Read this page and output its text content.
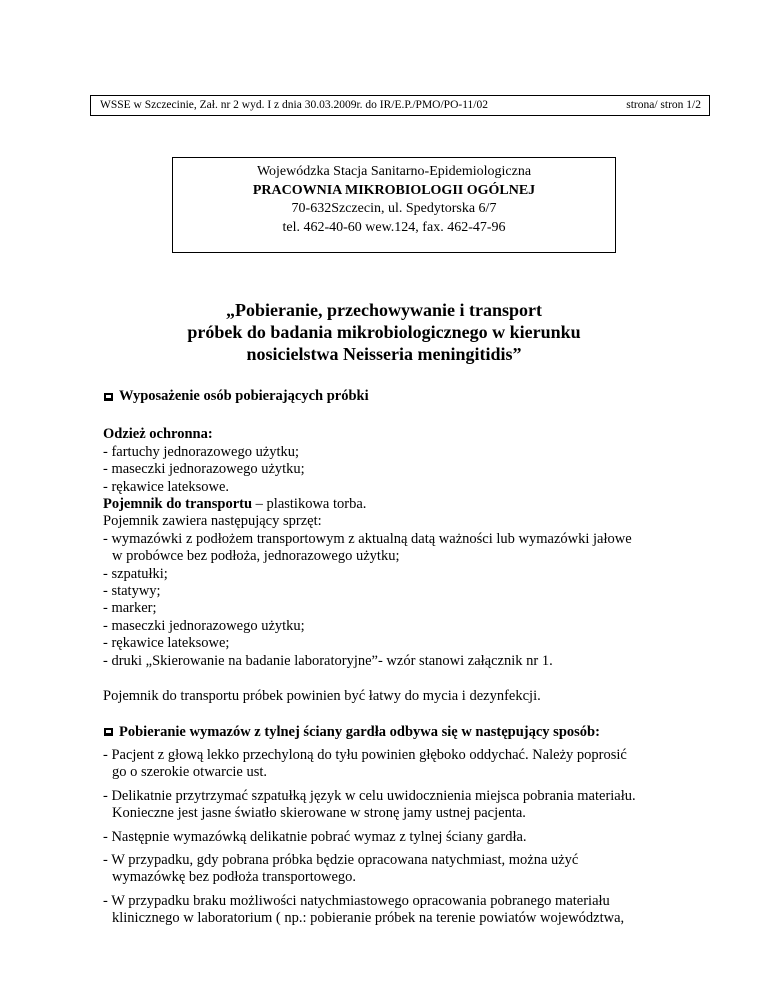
WSSE w Szczecinie, Zał. nr 2 wyd. I z dnia 30.03.2009r. do IR/E.P./PMO/PO-11/02	strona/ stron 1/2
Wojewódzka Stacja Sanitarno-Epidemiologiczna
PRACOWNIA MIKROBIOLOGII OGÓLNEJ
70-632Szczecin, ul. Spedytorska 6/7
tel. 462-40-60 wew.124, fax. 462-47-96
„Pobieranie, przechowywanie i transport
próbek do badania mikrobiologicznego w kierunku
nosicielstwa Neisseria meningitidis”

Wyposażenie osób pobierających próbki

Odzież ochronna:

- fartuchy jednorazowego użytku;

- maseczki jednorazowego użytku;

- rękawice lateksowe.

Pojemnik do transportu – plastikowa torba.

Pojemnik zawiera następujący sprzęt:

- wymazówki z podłożem transportowym z aktualną datą ważności lub wymazówki jałowe

w probówce bez podłoża, jednorazowego użytku;

- szpatułki;

- statywy;

- marker;

- maseczki jednorazowego użytku;

- rękawice lateksowe;

- druki „Skierowanie na badanie laboratoryjne”- wzór stanowi załącznik nr 1.

Pojemnik do transportu próbek powinien być łatwy do mycia i dezynfekcji.

Pobieranie wymazów z tylnej ściany gardła odbywa się w następujący sposób:

- Pacjent z głową lekko przechyloną do tyłu powinien głęboko oddychać. Należy poprosić

go o szerokie otwarcie ust.

- Delikatnie przytrzymać szpatułką język w celu uwidocznienia miejsca pobrania materiału.

Konieczne jest jasne światło skierowane w stronę jamy ustnej pacjenta.

- Następnie wymazówką delikatnie pobrać wymaz z tylnej ściany gardła.

- W przypadku, gdy pobrana próbka będzie opracowana natychmiast, można użyć

wymazówkę bez podłoża transportowego.

- W przypadku braku możliwości natychmiastowego opracowania pobranego materiału

klinicznego w laboratorium ( np.: pobieranie próbek na terenie powiatów województwa,
